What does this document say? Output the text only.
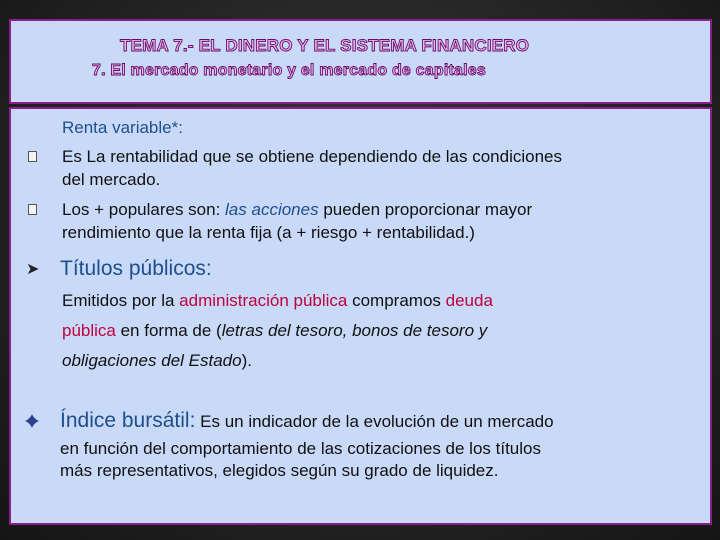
TEMA 7.- EL DINERO Y EL SISTEMA FINANCIERO
7. El mercado monetario y el mercado de capitales
Renta variable*:
Es La rentabilidad que se obtiene dependiendo de las condiciones
del mercado.
Los + populares son: las acciones pueden proporcionar mayor
rendimiento que la renta fija (a + riesgo + rentabilidad.)
➤ Títulos públicos:
Emitidos por la administración pública compramos deuda
pública en forma de (letras del tesoro, bonos de tesoro y
obligaciones del Estado).
Índice bursátil: Es un indicador de la evolución de un mercado
en función del comportamiento de las cotizaciones de los títulos
más representativos, elegidos según su grado de liquidez.
